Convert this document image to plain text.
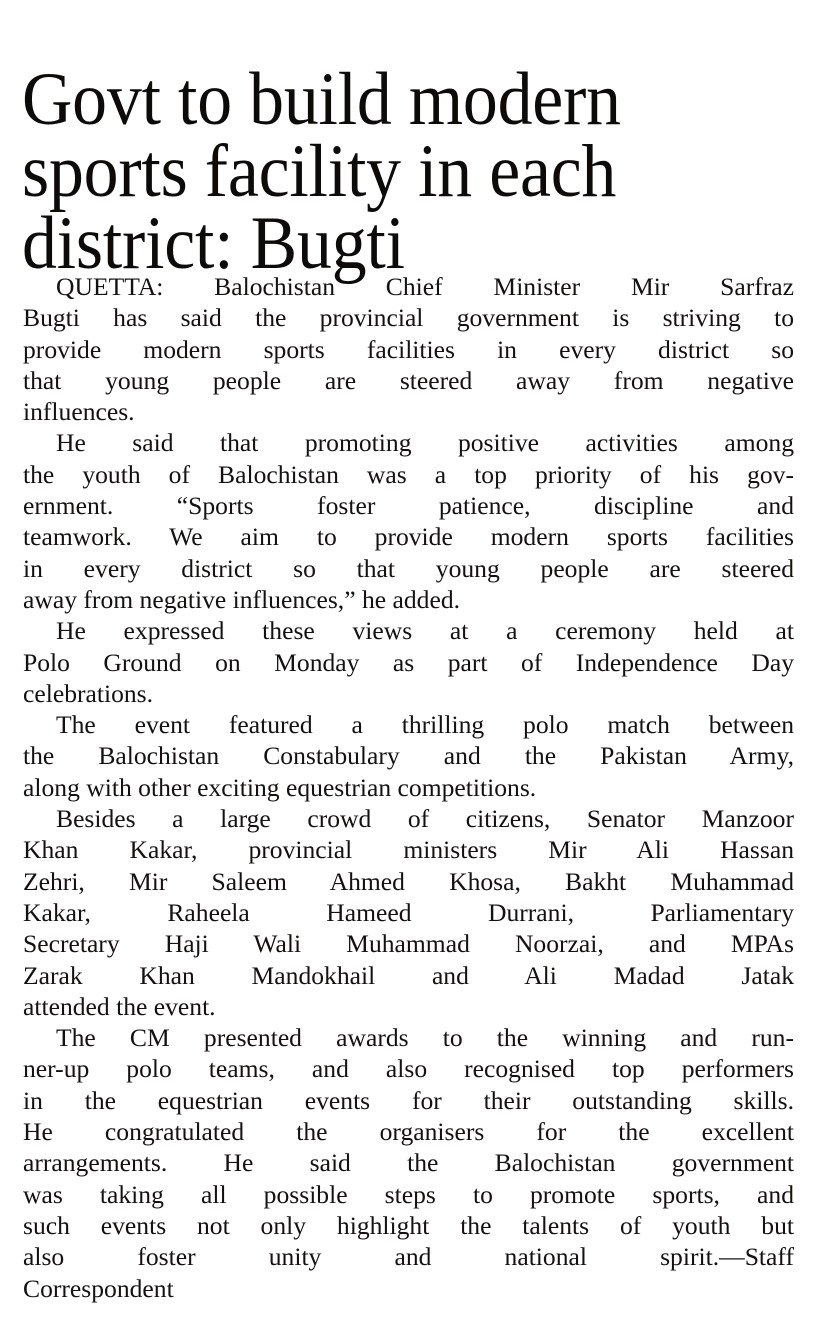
Govt to build modern
sports facility in each
district: Bugti

QUETTA: Balochistan Chief Minister Mir Sarfraz
Bugti has said the provincial government is striving to
provide modern sports facilities in every district so
that young people are steered away from negative
influences.

He said that promoting positive activities among
the youth of Balochistan was a top priority of his gov-
ernment. “Sports foster patience, discipline and
teamwork. We aim to provide modern sports facilities
in every district so that young people are steered
away from negative influences,” he added.

He expressed these views at a ceremony held at
Polo Ground on Monday as part of Independence Day
celebrations.

The event featured a thrilling polo match between
the Balochistan Constabulary and the Pakistan Army,
along with other exciting equestrian competitions.

Besides a large crowd of citizens, Senator Manzoor
Khan Kakar, provincial ministers Mir Ali Hassan
Zehri, Mir Saleem Ahmed Khosa, Bakht Muhammad
Kakar, Raheela Hameed Durrani, Parliamentary
Secretary Haji Wali Muhammad Noorzai, and MPAs
Zarak Khan Mandokhail and Ali Madad Jatak
attended the event.

The CM presented awards to the winning and run-
ner-up polo teams, and also recognised top performers
in the equestrian events for their outstanding skills.
He congratulated the organisers for the excellent
arrangements. He said the Balochistan government
was taking all possible steps to promote sports, and
such events not only highlight the talents of youth but
also foster unity and national spirit.—Staff
Correspondent
